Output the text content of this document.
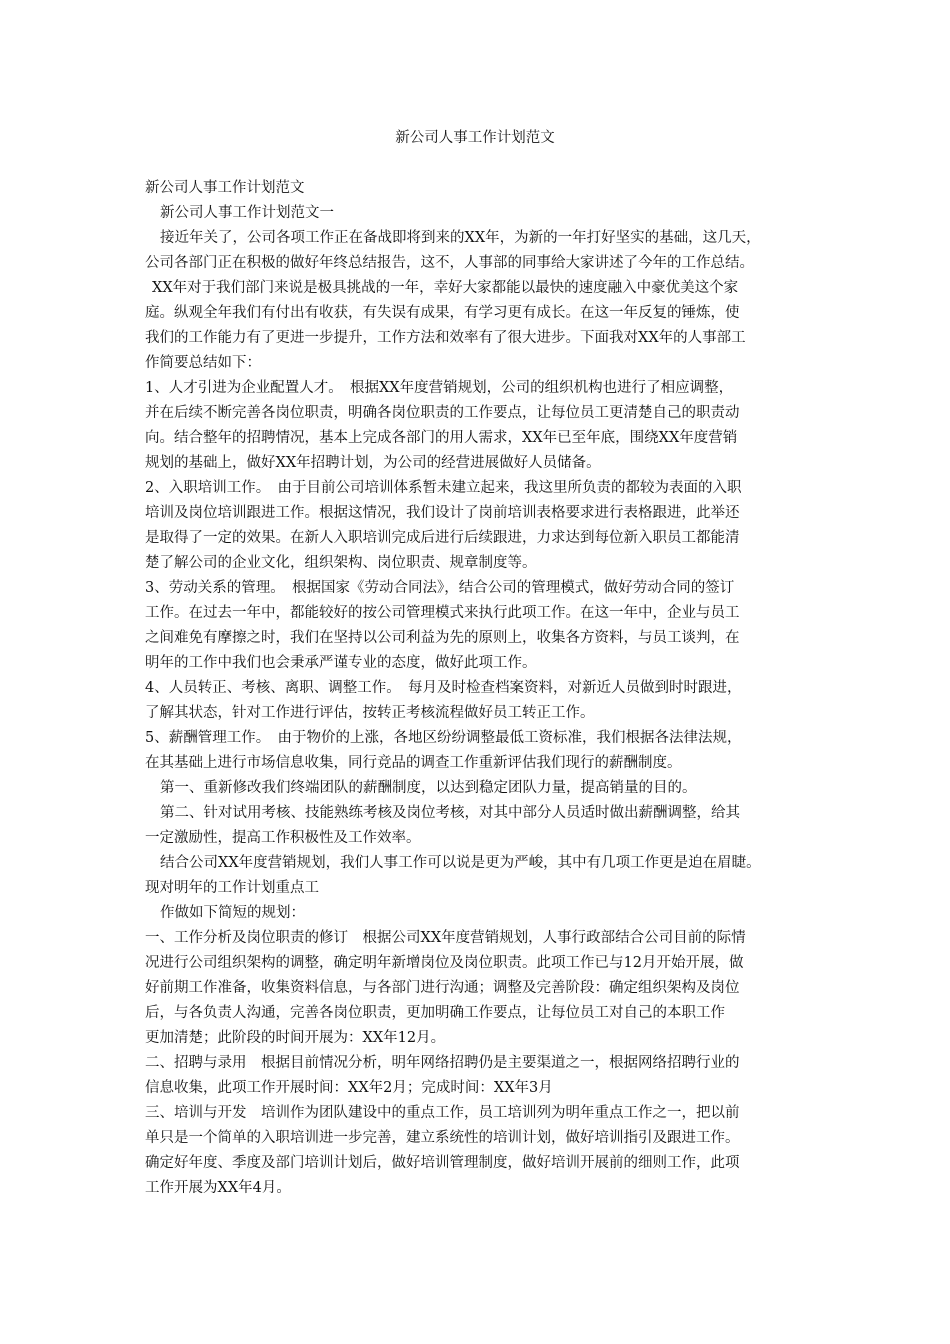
新公司人事工作计划范文
新公司人事工作计划范文
新公司人事工作计划范文一
接近年关了，公司各项工作正在备战即将到来的XX年，为新的一年打好坚实的基础，这几天，
公司各部门正在积极的做好年终总结报告，这不，人事部的同事给大家讲述了今年的工作总结。
XX年对于我们部门来说是极具挑战的一年，幸好大家都能以最快的速度融入中豪优美这个家
庭。纵观全年我们有付出有收获，有失误有成果，有学习更有成长。在这一年反复的锤炼，使
我们的工作能力有了更进一步提升，工作方法和效率有了很大进步。下面我对XX年的人事部工
作简要总结如下：
1、人才引进为企业配置人才。　根据XX年度营销规划，公司的组织机构也进行了相应调整，
并在后续不断完善各岗位职责，明确各岗位职责的工作要点，让每位员工更清楚自己的职责动
向。结合整年的招聘情况，基本上完成各部门的用人需求，XX年已至年底，围绕XX年度营销
规划的基础上，做好XX年招聘计划，为公司的经营进展做好人员储备。
2、入职培训工作。　由于目前公司培训体系暂未建立起来，我这里所负责的都较为表面的入职
培训及岗位培训跟进工作。根据这情况，我们设计了岗前培训表格要求进行表格跟进，此举还
是取得了一定的效果。在新人入职培训完成后进行后续跟进，力求达到每位新入职员工都能清
楚了解公司的企业文化，组织架构、岗位职责、规章制度等。
3、劳动关系的管理。　根据国家《劳动合同法》，结合公司的管理模式，做好劳动合同的签订
工作。在过去一年中，都能较好的按公司管理模式来执行此项工作。在这一年中，企业与员工
之间难免有摩擦之时，我们在坚持以公司利益为先的原则上，收集各方资料，与员工谈判，在
明年的工作中我们也会秉承严谨专业的态度，做好此项工作。
4、人员转正、考核、离职、调整工作。　每月及时检查档案资料，对新近人员做到时时跟进，
了解其状态，针对工作进行评估，按转正考核流程做好员工转正工作。
5、薪酬管理工作。　由于物价的上涨，各地区纷纷调整最低工资标准，我们根据各法律法规，
在其基础上进行市场信息收集，同行竞品的调查工作重新评估我们现行的薪酬制度。
第一、重新修改我们终端团队的薪酬制度，以达到稳定团队力量，提高销量的目的。
第二、针对试用考核、技能熟练考核及岗位考核，对其中部分人员适时做出薪酬调整，给其
一定激励性，提高工作积极性及工作效率。
结合公司XX年度营销规划，我们人事工作可以说是更为严峻，其中有几项工作更是迫在眉睫。
现对明年的工作计划重点工
作做如下简短的规划：
一、工作分析及岗位职责的修订　根据公司XX年度营销规划，人事行政部结合公司目前的际情
况进行公司组织架构的调整，确定明年新增岗位及岗位职责。此项工作已与12月开始开展，做
好前期工作准备，收集资料信息，与各部门进行沟通；调整及完善阶段：确定组织架构及岗位
后，与各负责人沟通，完善各岗位职责，更加明确工作要点，让每位员工对自己的本职工作
更加清楚；此阶段的时间开展为：XX年12月。
二、招聘与录用　根据目前情况分析，明年网络招聘仍是主要渠道之一，根据网络招聘行业的
信息收集，此项工作开展时间：XX年2月；完成时间：XX年3月
三、培训与开发　培训作为团队建设中的重点工作，员工培训列为明年重点工作之一，把以前
单只是一个简单的入职培训进一步完善，建立系统性的培训计划，做好培训指引及跟进工作。
确定好年度、季度及部门培训计划后，做好培训管理制度，做好培训开展前的细则工作，此项
工作开展为XX年4月。
